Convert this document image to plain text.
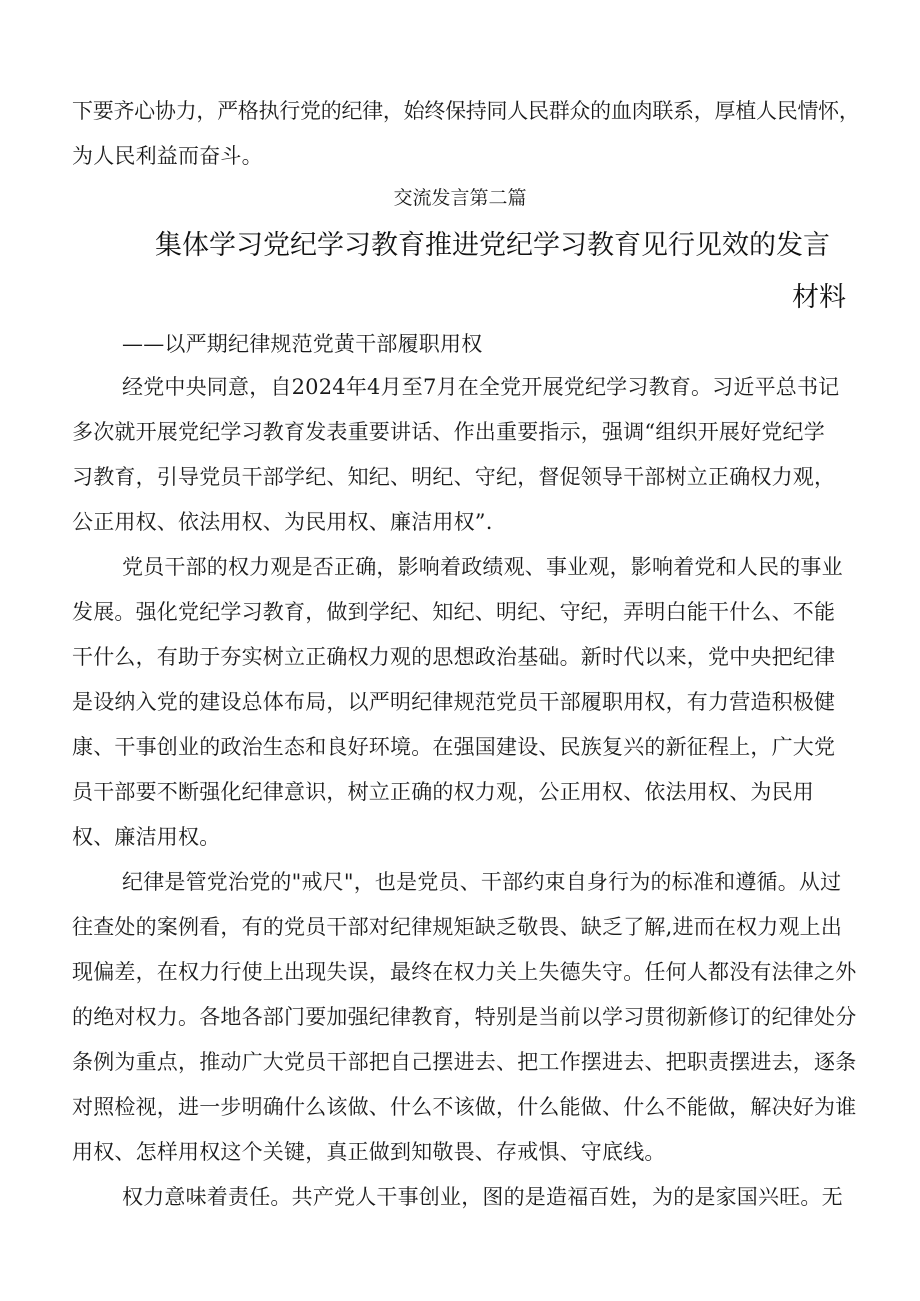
下要齐心协力，严格执行党的纪律，始终保持同人民群众的血肉联系，厚植人民情怀，
为人民利益而奋斗。
交流发言第二篇
集体学习党纪学习教育推进党纪学习教育见行见效的发言
材料
——以严期纪律规范党黄干部履职用权
经党中央同意，自2024年4月至7月在全党开展党纪学习教育。习近平总书记
多次就开展党纪学习教育发表重要讲话、作出重要指示，强调“组织开展好党纪学
习教育，引导党员干部学纪、知纪、明纪、守纪，督促领导干部树立正确权力观，
公正用权、依法用权、为民用权、廉洁用权”.
党员干部的权力观是否正确，影响着政绩观、事业观，影响着党和人民的事业
发展。强化党纪学习教育，做到学纪、知纪、明纪、守纪，弄明白能干什么、不能
干什么，有助于夯实树立正确权力观的思想政治基础。新时代以来，党中央把纪律
是设纳入党的建设总体布局，以严明纪律规范党员干部履职用权，有力营造积极健
康、干事创业的政治生态和良好环境。在强国建设、民族复兴的新征程上，广大党
员干部要不断强化纪律意识，树立正确的权力观，公正用权、依法用权、为民用
权、廉洁用权。
纪律是管党治党的"戒尺"，也是党员、干部约束自身行为的标准和遵循。从过
往查处的案例看，有的党员干部对纪律规矩缺乏敬畏、缺乏了解,进而在权力观上出
现偏差，在权力行使上出现失误，最终在权力关上失德失守。任何人都没有法律之外
的绝对权力。各地各部门要加强纪律教育，特别是当前以学习贯彻新修订的纪律处分
条例为重点，推动广大党员干部把自己摆进去、把工作摆进去、把职责摆进去，逐条
对照检视，进一步明确什么该做、什么不该做，什么能做、什么不能做，解决好为谁
用权、怎样用权这个关键，真正做到知敬畏、存戒惧、守底线。
权力意味着责任。共产党人干事创业，图的是造福百姓，为的是家国兴旺。无
